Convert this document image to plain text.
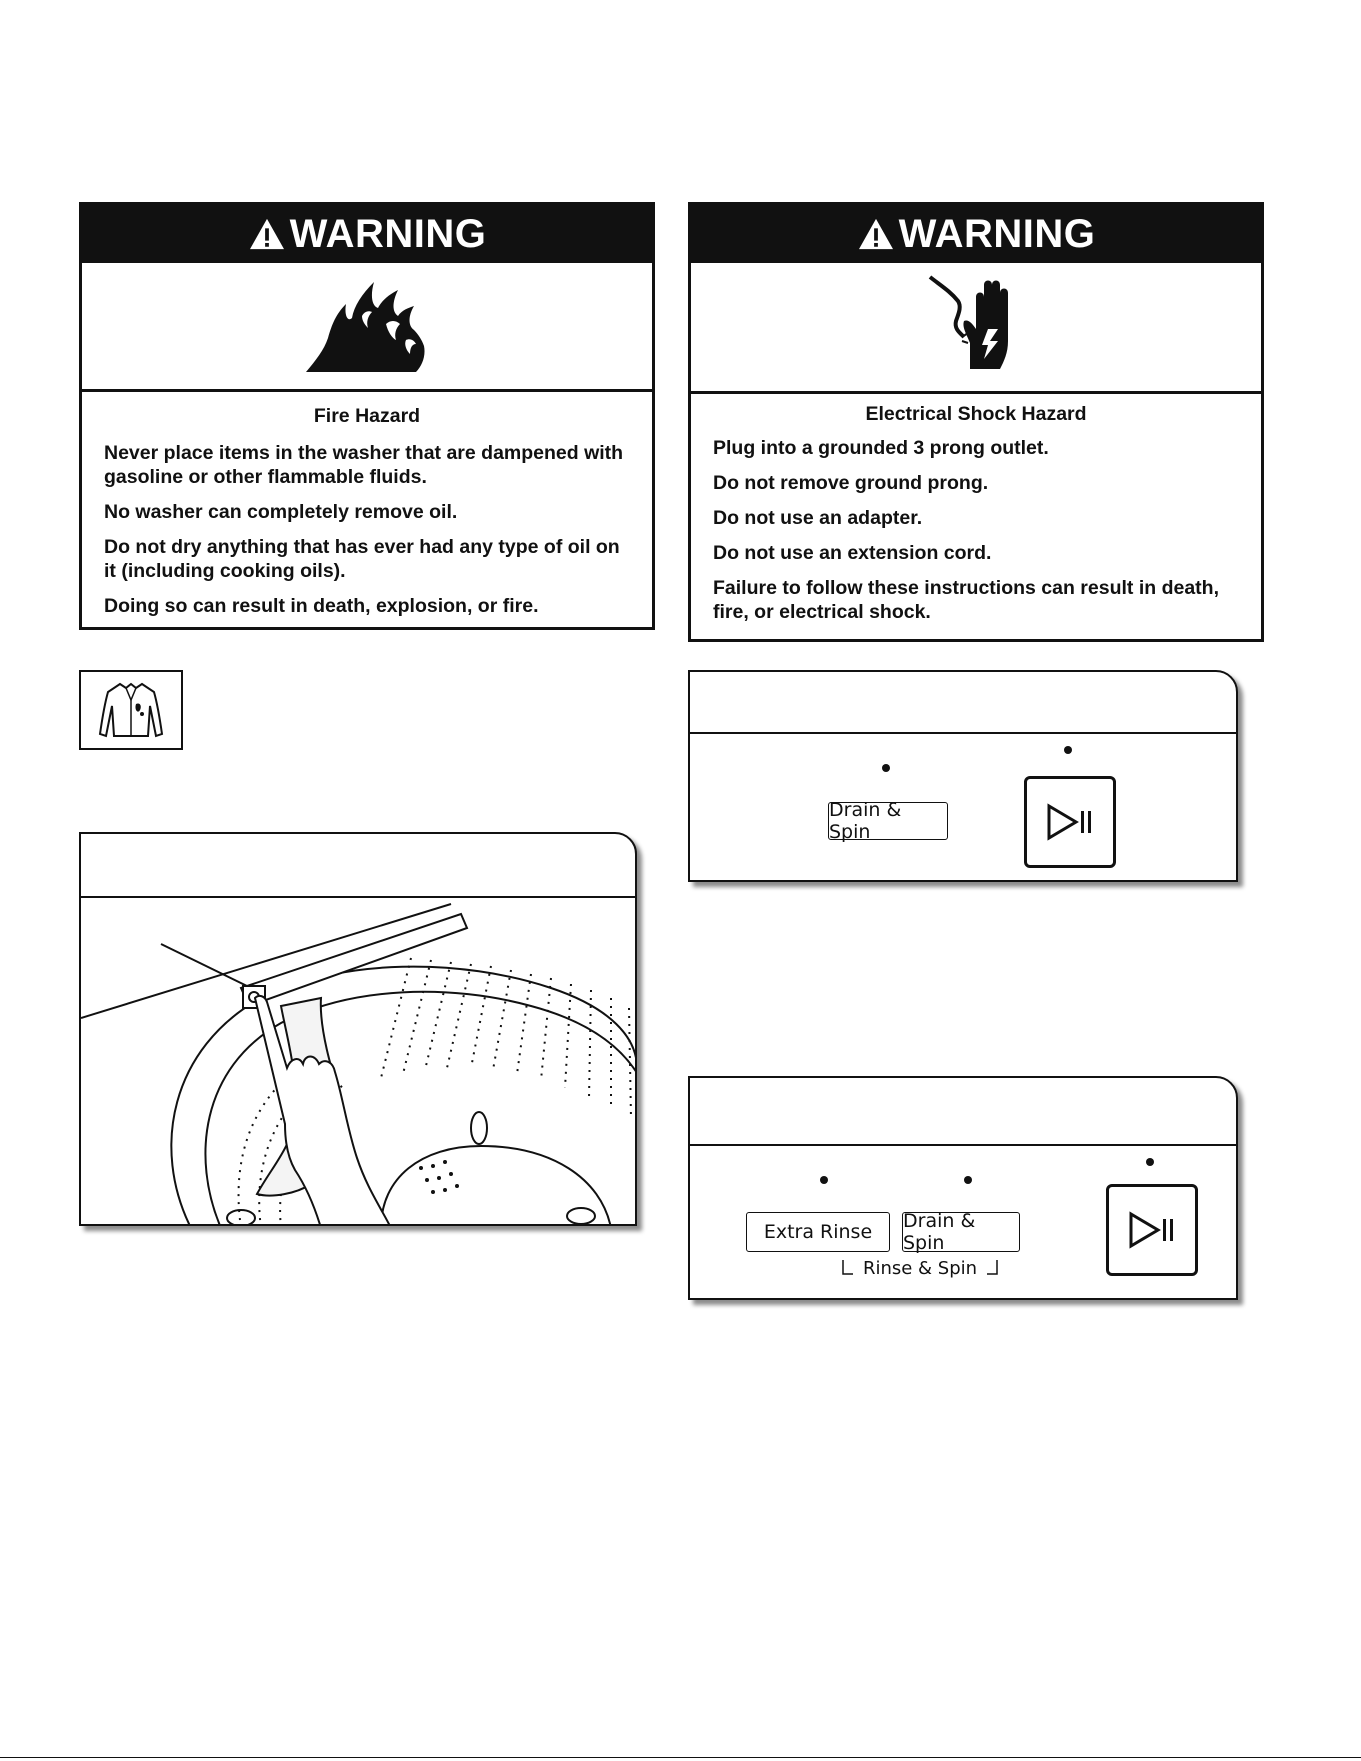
WARNING
Fire Hazard

Never place items in the washer that are dampened with gasoline or other flammable fluids.

No washer can completely remove oil.

Do not dry anything that has ever had any type of oil on it (including cooking oils).

Doing so can result in death, explosion, or fire.

WARNING
Electrical Shock Hazard

Plug into a grounded 3 prong outlet.

Do not remove ground prong.

Do not use an adapter.

Do not use an extension cord.

Failure to follow these instructions can result in death, fire, or electrical shock.

Drain & Spin
Extra Rinse	Drain & Spin
Rinse & Spin
